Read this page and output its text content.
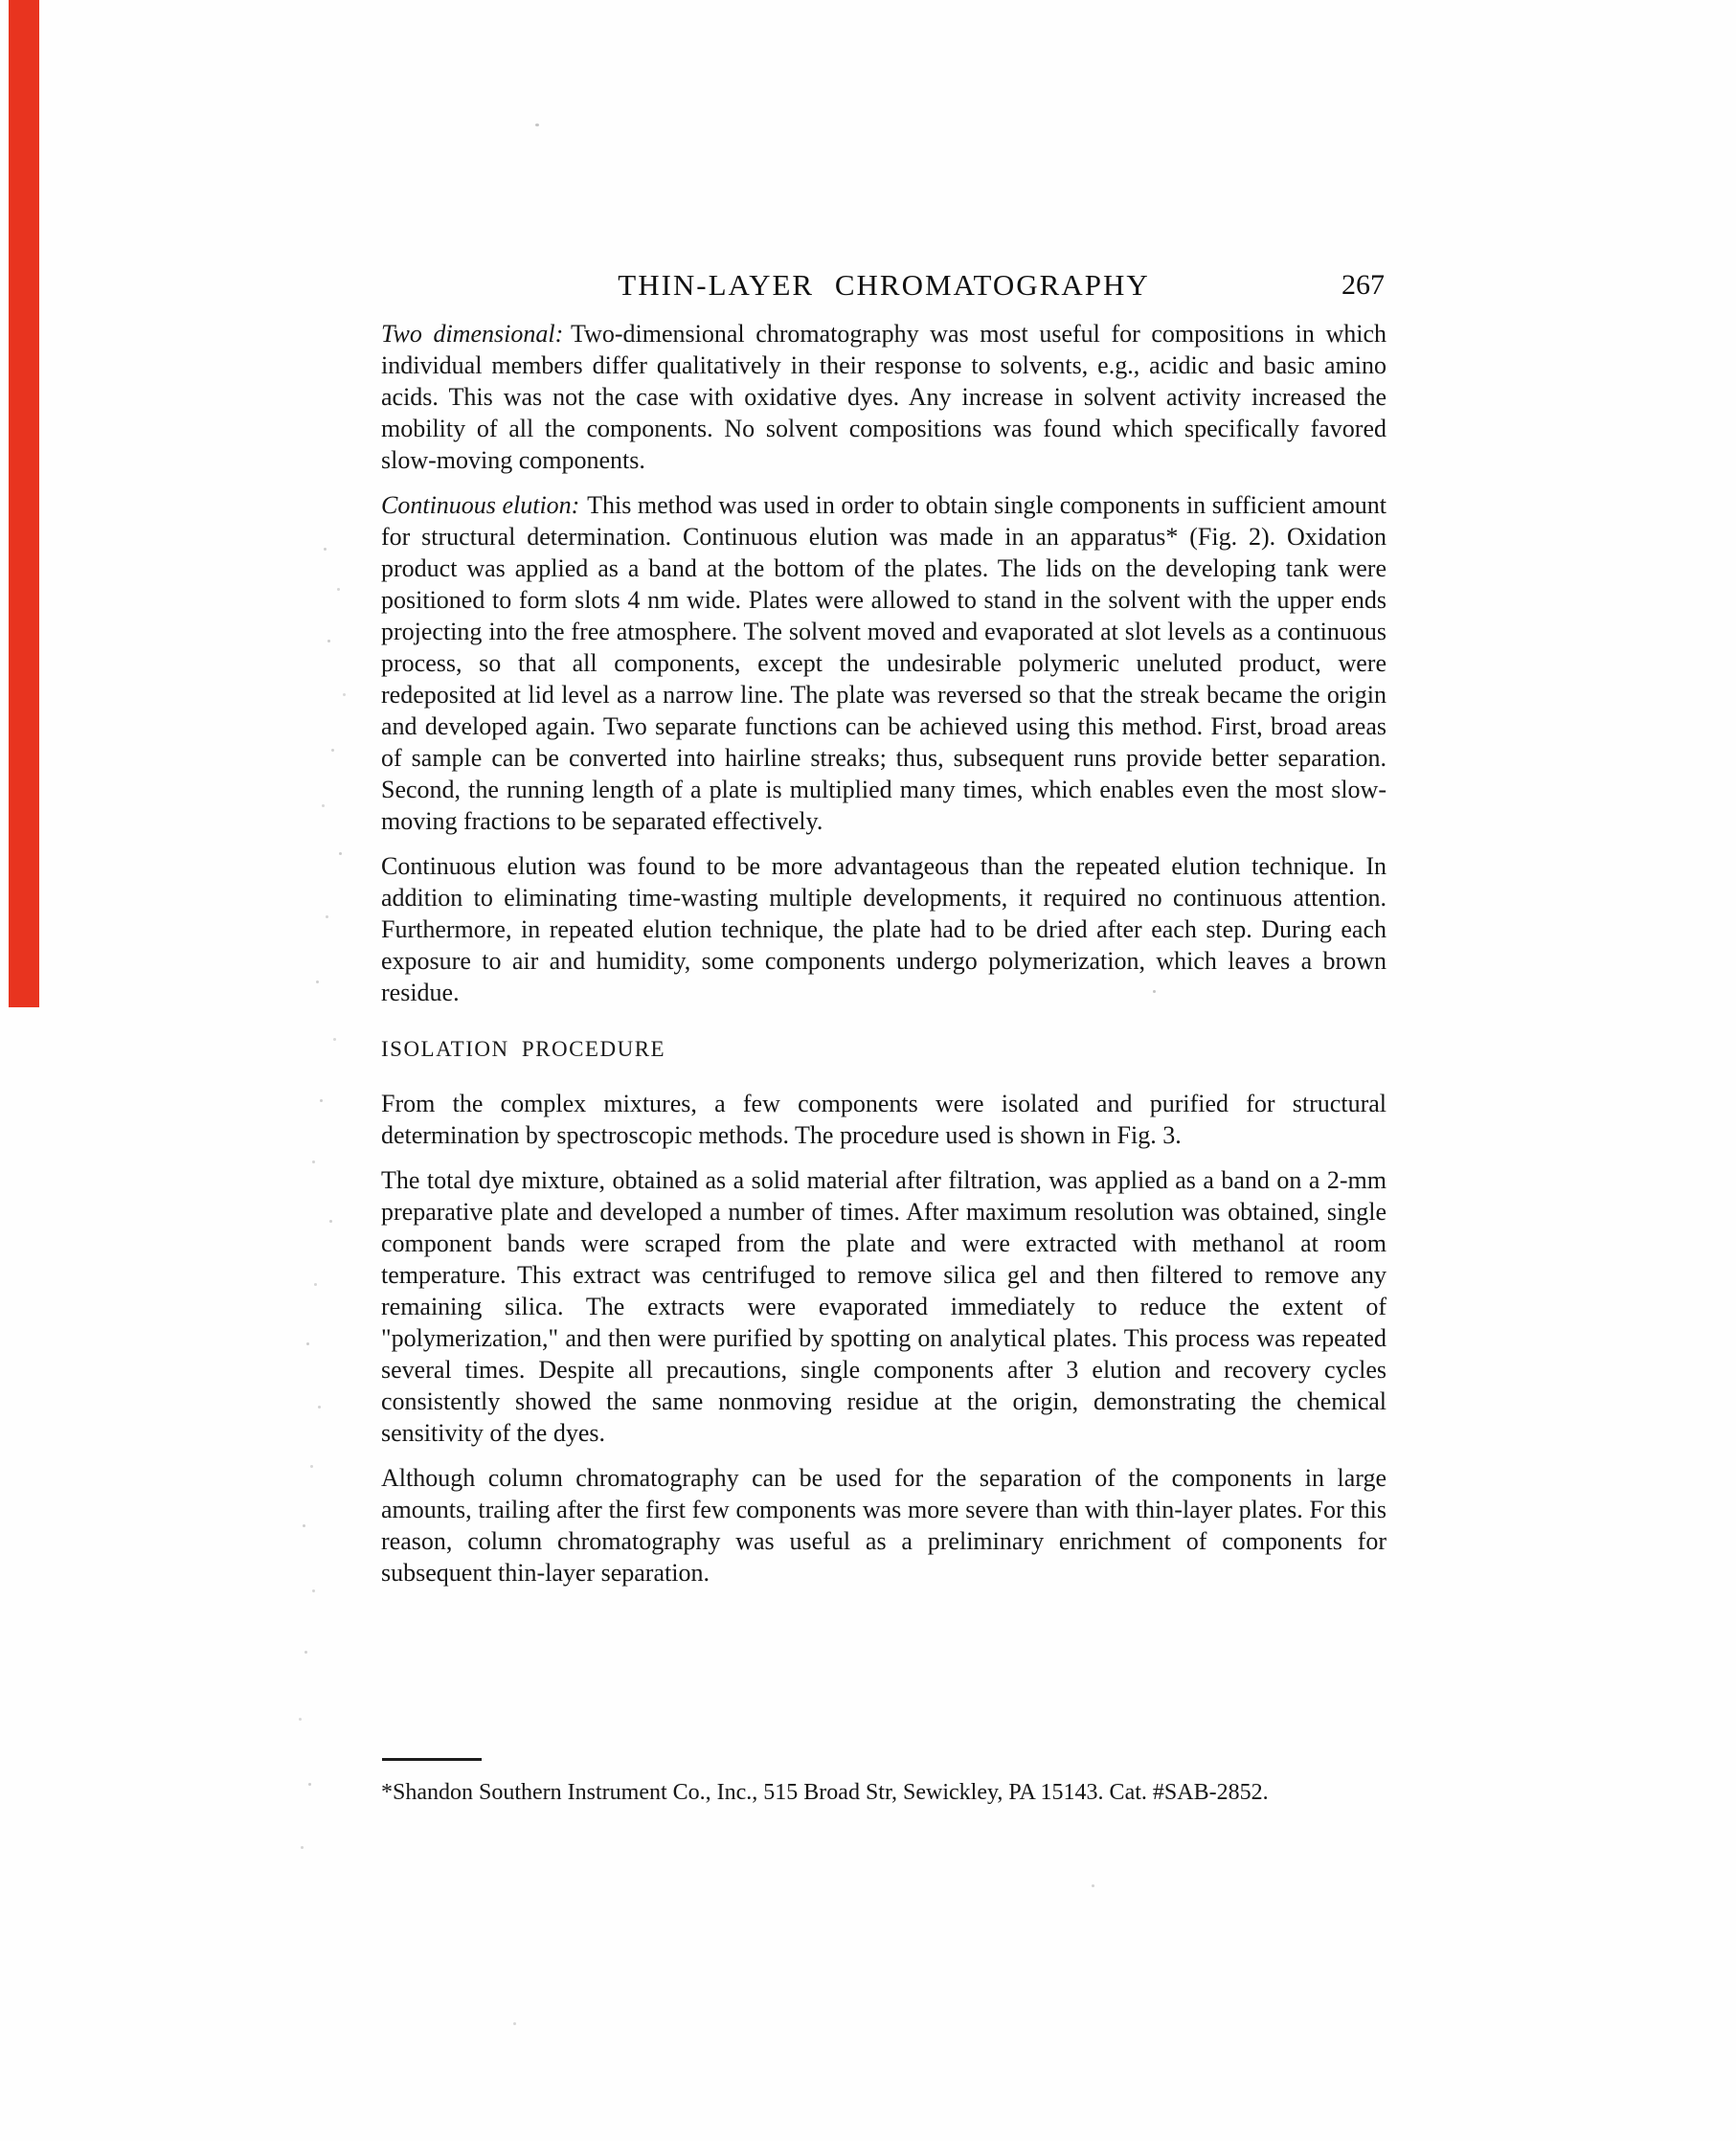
THIN-LAYER CHROMATOGRAPHY	267

Two dimensional: Two-dimensional chromatography was most useful for compositions in which individual members differ qualitatively in their response to solvents, e.g., acidic and basic amino acids. This was not the case with oxidative dyes. Any increase in solvent activity increased the mobility of all the components. No solvent compositions was found which specifically favored slow-moving components.

Continuous elution: This method was used in order to obtain single components in sufficient amount for structural determination. Continuous elution was made in an apparatus* (Fig. 2). Oxidation product was applied as a band at the bottom of the plates. The lids on the developing tank were positioned to form slots 4 nm wide. Plates were allowed to stand in the solvent with the upper ends projecting into the free atmosphere. The solvent moved and evaporated at slot levels as a continuous process, so that all components, except the undesirable polymeric uneluted product, were redeposited at lid level as a narrow line. The plate was reversed so that the streak became the origin and developed again. Two separate functions can be achieved using this method. First, broad areas of sample can be converted into hairline streaks; thus, subsequent runs provide better separation. Second, the running length of a plate is multiplied many times, which enables even the most slow-moving fractions to be separated effectively.

Continuous elution was found to be more advantageous than the repeated elution technique. In addition to eliminating time-wasting multiple developments, it required no continuous attention. Furthermore, in repeated elution technique, the plate had to be dried after each step. During each exposure to air and humidity, some components undergo polymerization, which leaves a brown residue.

ISOLATION PROCEDURE

From the complex mixtures, a few components were isolated and purified for structural determination by spectroscopic methods. The procedure used is shown in Fig. 3.

The total dye mixture, obtained as a solid material after filtration, was applied as a band on a 2-mm preparative plate and developed a number of times. After maximum resolution was obtained, single component bands were scraped from the plate and were extracted with methanol at room temperature. This extract was centrifuged to remove silica gel and then filtered to remove any remaining silica. The extracts were evaporated immediately to reduce the extent of "polymerization," and then were purified by spotting on analytical plates. This process was repeated several times. Despite all precautions, single components after 3 elution and recovery cycles consistently showed the same nonmoving residue at the origin, demonstrating the chemical sensitivity of the dyes.

Although column chromatography can be used for the separation of the components in large amounts, trailing after the first few components was more severe than with thin-layer plates. For this reason, column chromatography was useful as a preliminary enrichment of components for subsequent thin-layer separation.

*Shandon Southern Instrument Co., Inc., 515 Broad Str, Sewickley, PA 15143. Cat. #SAB-2852.
